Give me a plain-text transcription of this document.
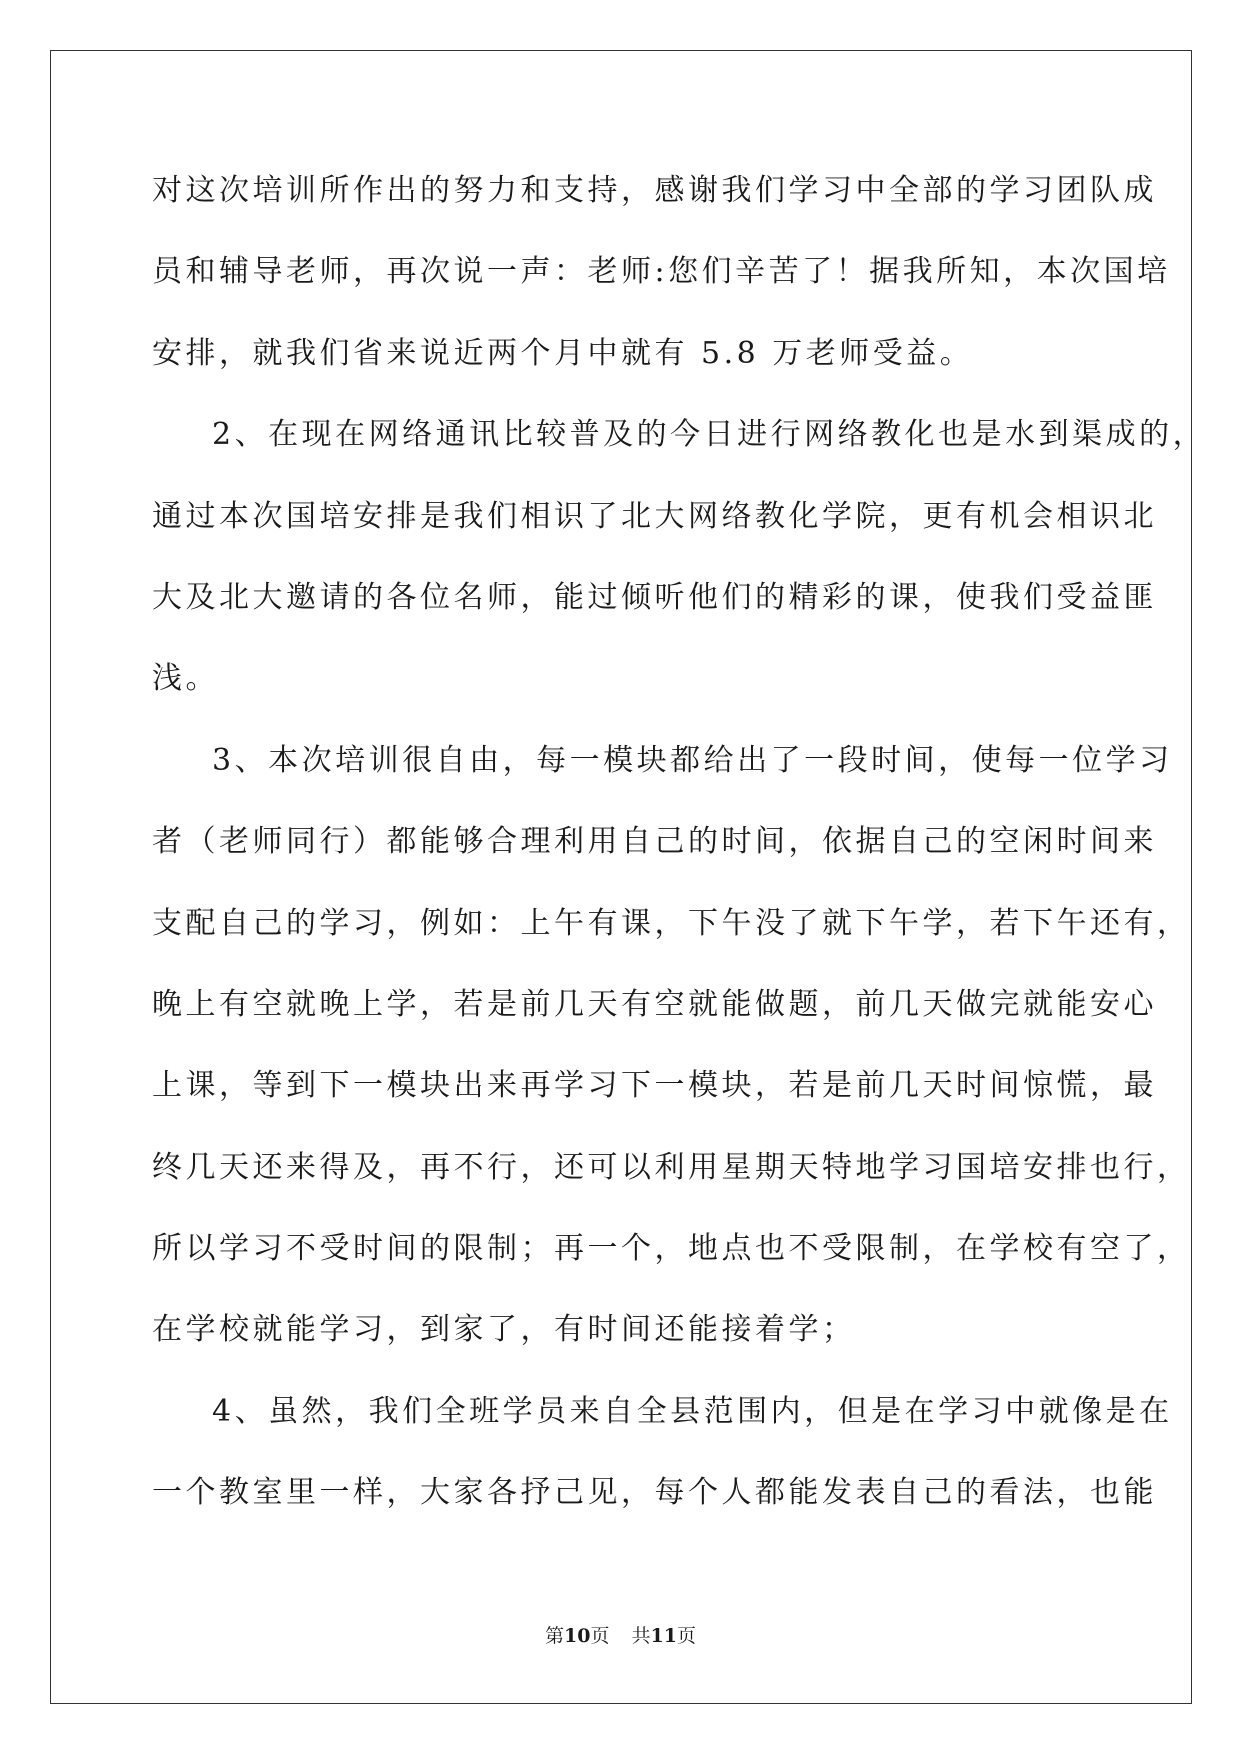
对这次培训所作出的努力和支持，感谢我们学习中全部的学习团队成
员和辅导老师，再次说一声：老师:您们辛苦了！据我所知，本次国培
安排，就我们省来说近两个月中就有 5.8 万老师受益。
2、在现在网络通讯比较普及的今日进行网络教化也是水到渠成的，
通过本次国培安排是我们相识了北大网络教化学院，更有机会相识北
大及北大邀请的各位名师，能过倾听他们的精彩的课，使我们受益匪
浅。
3、本次培训很自由，每一模块都给出了一段时间，使每一位学习
者（老师同行）都能够合理利用自己的时间，依据自己的空闲时间来
支配自己的学习，例如：上午有课，下午没了就下午学，若下午还有，
晚上有空就晚上学，若是前几天有空就能做题，前几天做完就能安心
上课，等到下一模块出来再学习下一模块，若是前几天时间惊慌，最
终几天还来得及，再不行，还可以利用星期天特地学习国培安排也行，
所以学习不受时间的限制；再一个，地点也不受限制，在学校有空了，
在学校就能学习，到家了，有时间还能接着学；
4、虽然，我们全班学员来自全县范围内，但是在学习中就像是在
一个教室里一样，大家各抒己见，每个人都能发表自己的看法，也能
第10页 共11页
